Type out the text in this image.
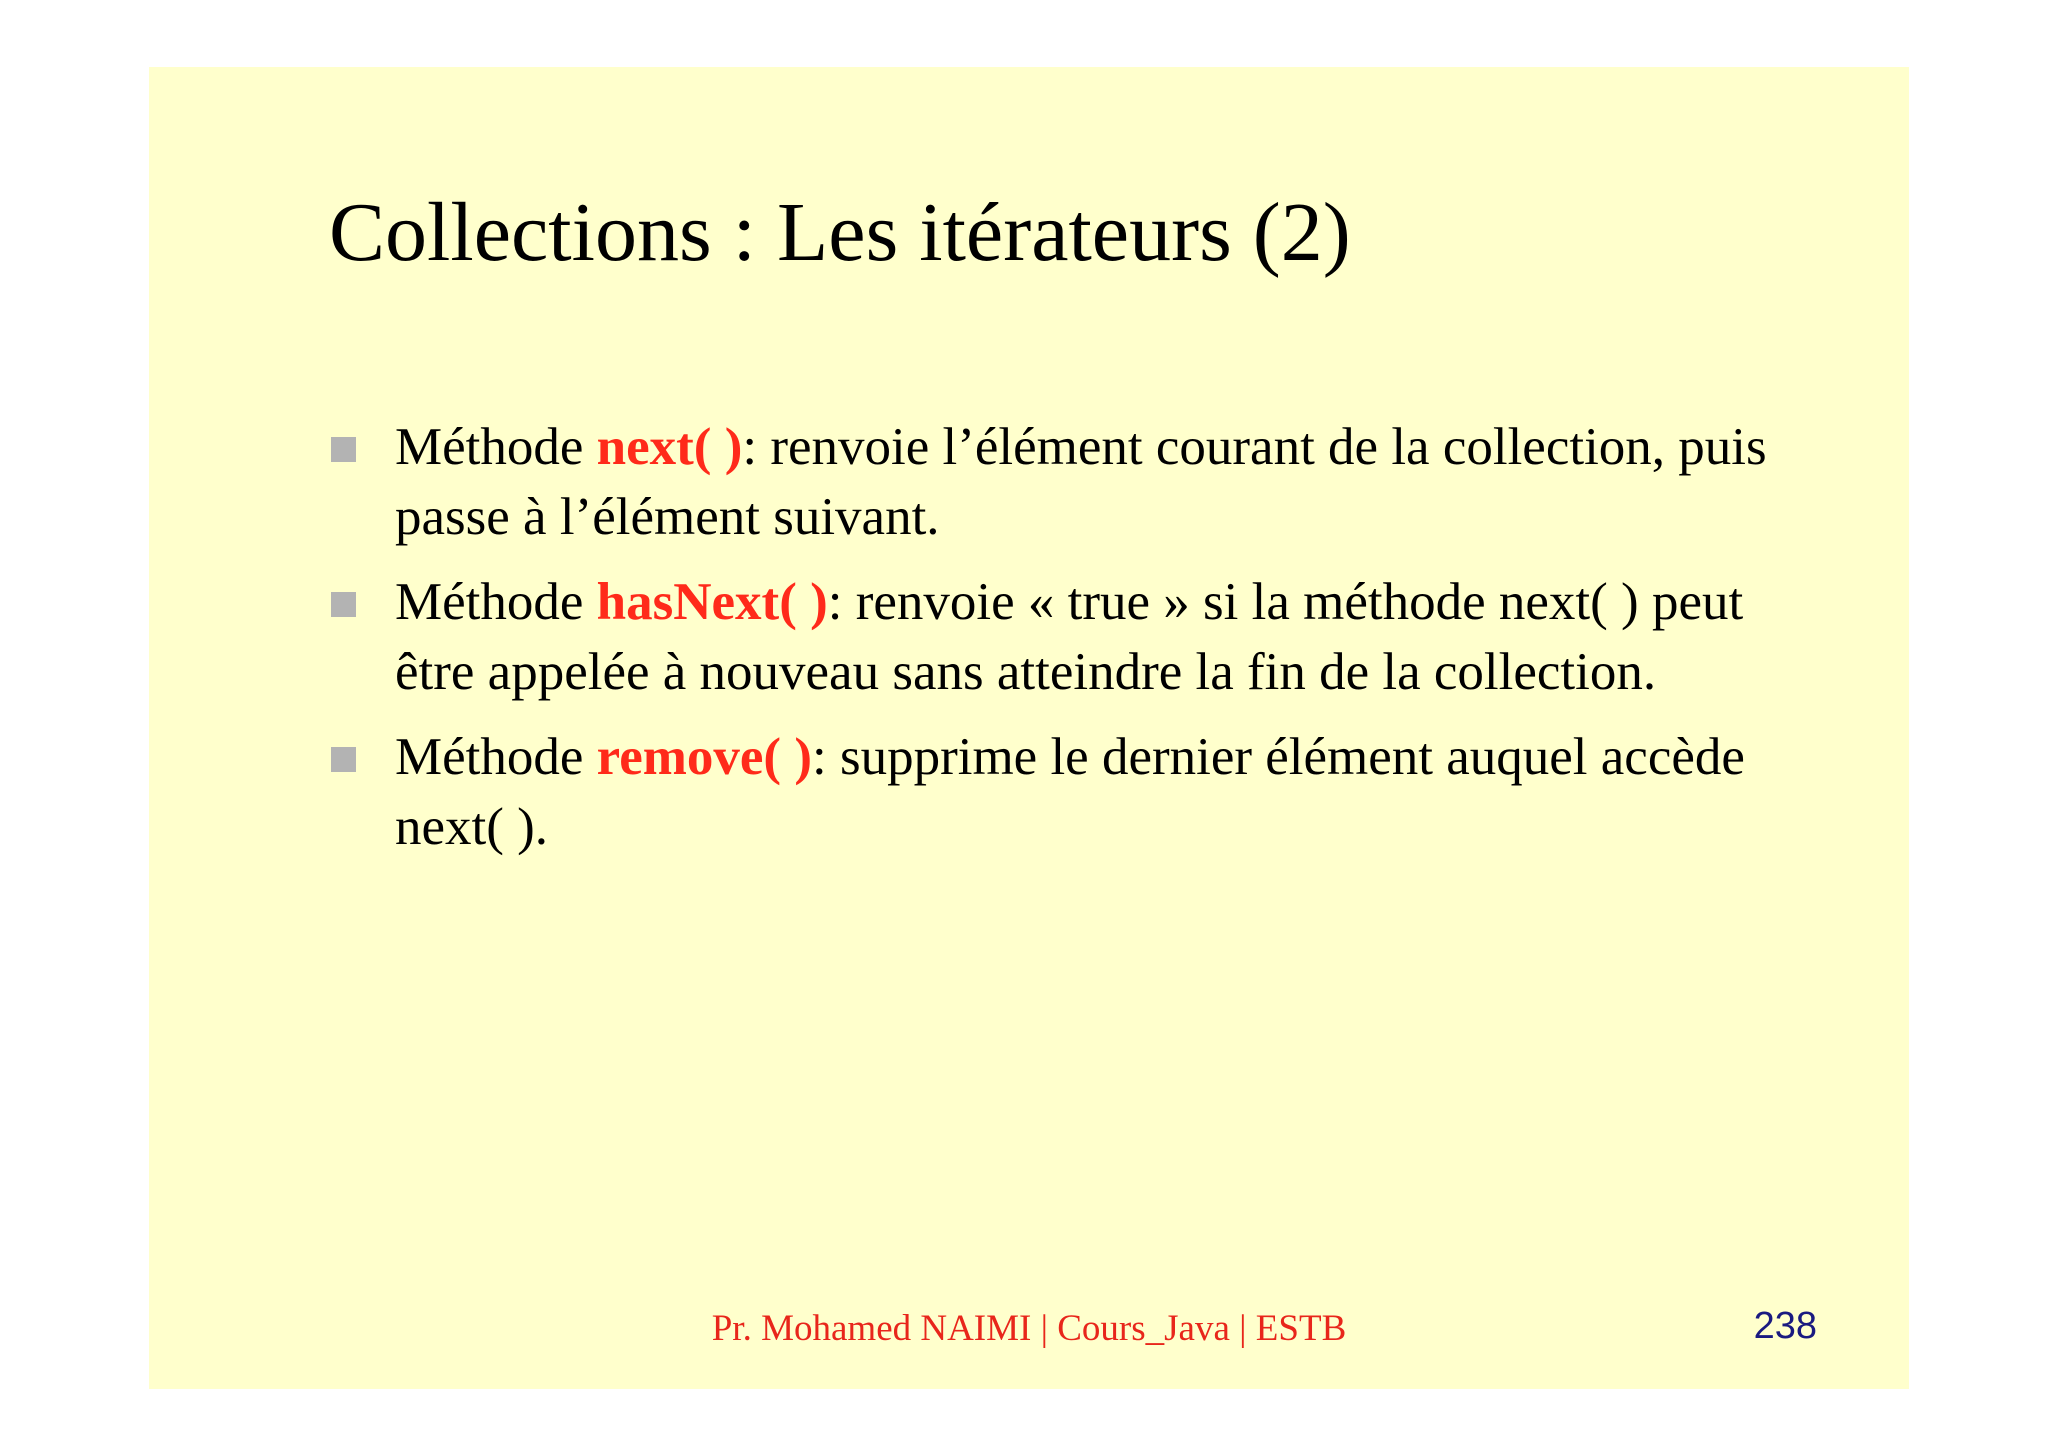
Collections : Les itérateurs (2)
Méthode next( ): renvoie l’élément courant de la collection, puis passe à l’élément suivant.
Méthode hasNext( ): renvoie « true » si la méthode next( ) peut être appelée à nouveau sans atteindre la fin de la collection.
Méthode remove( ): supprime le dernier élément auquel accède next( ).
Pr. Mohamed NAIMI | Cours_Java | ESTB	238
